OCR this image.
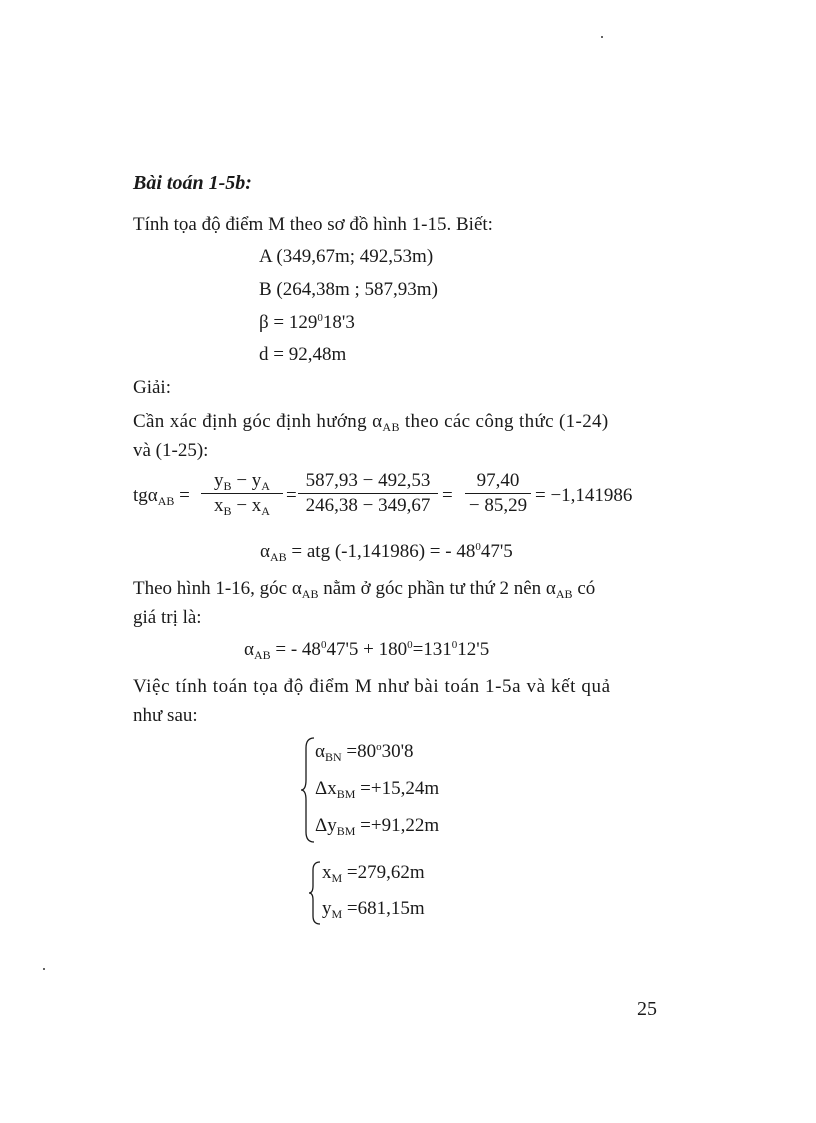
Bài toán 1-5b:
Tính tọa độ điểm M theo sơ đồ hình 1-15. Biết:
A (349,67m; 492,53m)
B (264,38m ; 587,93m)
$\beta = 129^018'3$
d = 92,48m
Giải:
Cần xác định góc định hướng $\alpha_{AB}$ theo các công thức (1-24)
và (1-25):
tgα$_{AB}$ =
$y_B - y_A$
$x_B - x_A$
=
587,93 − 492,53
246,38 − 349,67 =
97,40
− 85,29 = −1,141986
$\alpha_{AB}$ = atg (-1,141986) = - $48^047'5$
Theo hình 1-16, góc $\alpha_{AB}$ nằm ở góc phần tư thứ 2 nên $\alpha_{AB}$ có
giá trị là:
$\alpha_{AB}$ = - $48^047'5 + 180^0=131^012'5$
Việc tính toán tọa độ điểm M như bài toán 1-5a và kết quả
như sau:
$\alpha_{BN} =80^o30'8$
$\Delta x_{BM} =+15,24m$
$\Delta y_{BM} =+91,22m$
$x_M =279,62m$
$y_M =681,15m$
25
